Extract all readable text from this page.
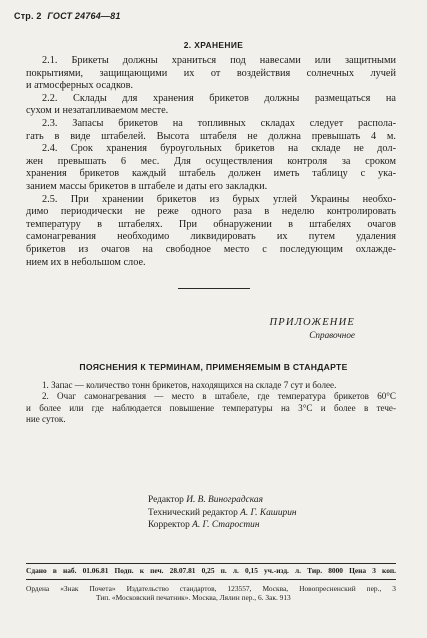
Стр. 2 ГОСТ 24764—81
2. ХРАНЕНИЕ
2.1. Брикеты должны храниться под навесами или защитными
покрытиями, защищающими их от воздействия солнечных лучей
и атмосферных осадков.
2.2. Склады для хранения брикетов должны размещаться на
сухом и незатапливаемом месте.
2.3. Запасы брикетов на топливных складах следует распола-
гать в виде штабелей. Высота штабеля не должна превышать 4 м.
2.4. Срок хранения буроугольных брикетов на складе не дол-
жен превышать 6 мес. Для осуществления контроля за сроком
хранения брикетов каждый штабель должен иметь таблицу с ука-
занием массы брикетов в штабеле и даты его закладки.
2.5. При хранении брикетов из бурых углей Украины необхо-
димо периодически не реже одного раза в неделю контролировать
температуру в штабелях. При обнаружении в штабелях очагов
самонагревания необходимо ликвидировать их путем удаления
брикетов из очагов на свободное место с последующим охлажде-
нием их в небольшом слое.
ПРИЛОЖЕНИЕ
Справочное
ПОЯСНЕНИЯ К ТЕРМИНАМ, ПРИМЕНЯЕМЫМ В СТАНДАРТЕ
1. Запас — количество тонн брикетов, находящихся на складе 7 сут и более.
2. Очаг самонагревания — место в штабеле, где температура брикетов 60°С
и более или где наблюдается повышение температуры на 3°С и более в тече-
ние суток.
Редактор И. В. Виноградская
Технический редактор А. Г. Каширин
Корректор А. Г. Старостин
Сдано в наб. 01.06.81 Подп. к печ. 28.07.81 0,25 п. л. 0,15 уч.-изд. л. Тир. 8000 Цена 3 коп.
Ордена «Знак Почета» Издательство стандартов, 123557, Москва, Новопресненский пер., 3
Тип. «Московский печатник». Москва, Лялин пер., 6. Зак. 913
